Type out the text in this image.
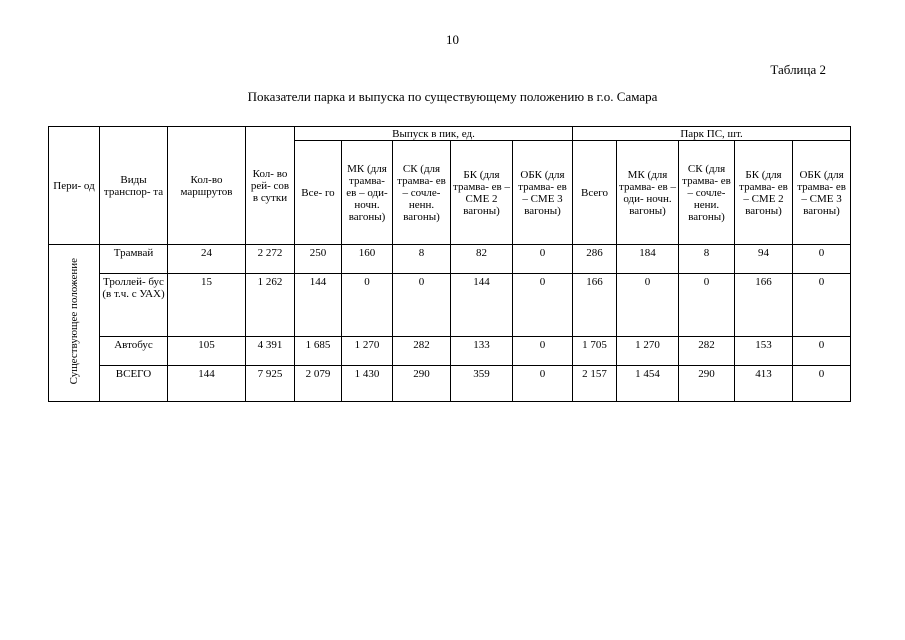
10
Таблица 2
Показатели парка и выпуска по существующему положению в г.о. Самара
Пери- од	Виды транспор- та	Кол-во маршрутов	Кол- во рей- сов в сутки	Выпуск в пик, ед.					Парк ПС, шт.				
				Все- го	МК (для трамва- ев – оди- ночн. вагоны)	СК (для трамва- ев – сочле- ненн. вагоны)	БК (для трамва- ев – СМЕ 2 вагоны)	ОБК (для трамва- ев – СМЕ 3 вагоны)	Всего	МК (для трамва- ев – оди- ночн. вагоны)	СК (для трамва- ев – сочле- нени. вагоны)	БК (для трамва- ев – СМЕ 2 вагоны)	ОБК (для трамва- ев – СМЕ 3 вагоны)
Существующее положение	Трамвай	24	2 272	250	160	8	82	0	286	184	8	94	0
	Троллей- бус (в т.ч. с УАХ)	15	1 262	144	0	0	144	0	166	0	0	166	0
	Автобус	105	4 391	1 685	1 270	282	133	0	1 705	1 270	282	153	0
	ВСЕГО	144	7 925	2 079	1 430	290	359	0	2 157	1 454	290	413	0
